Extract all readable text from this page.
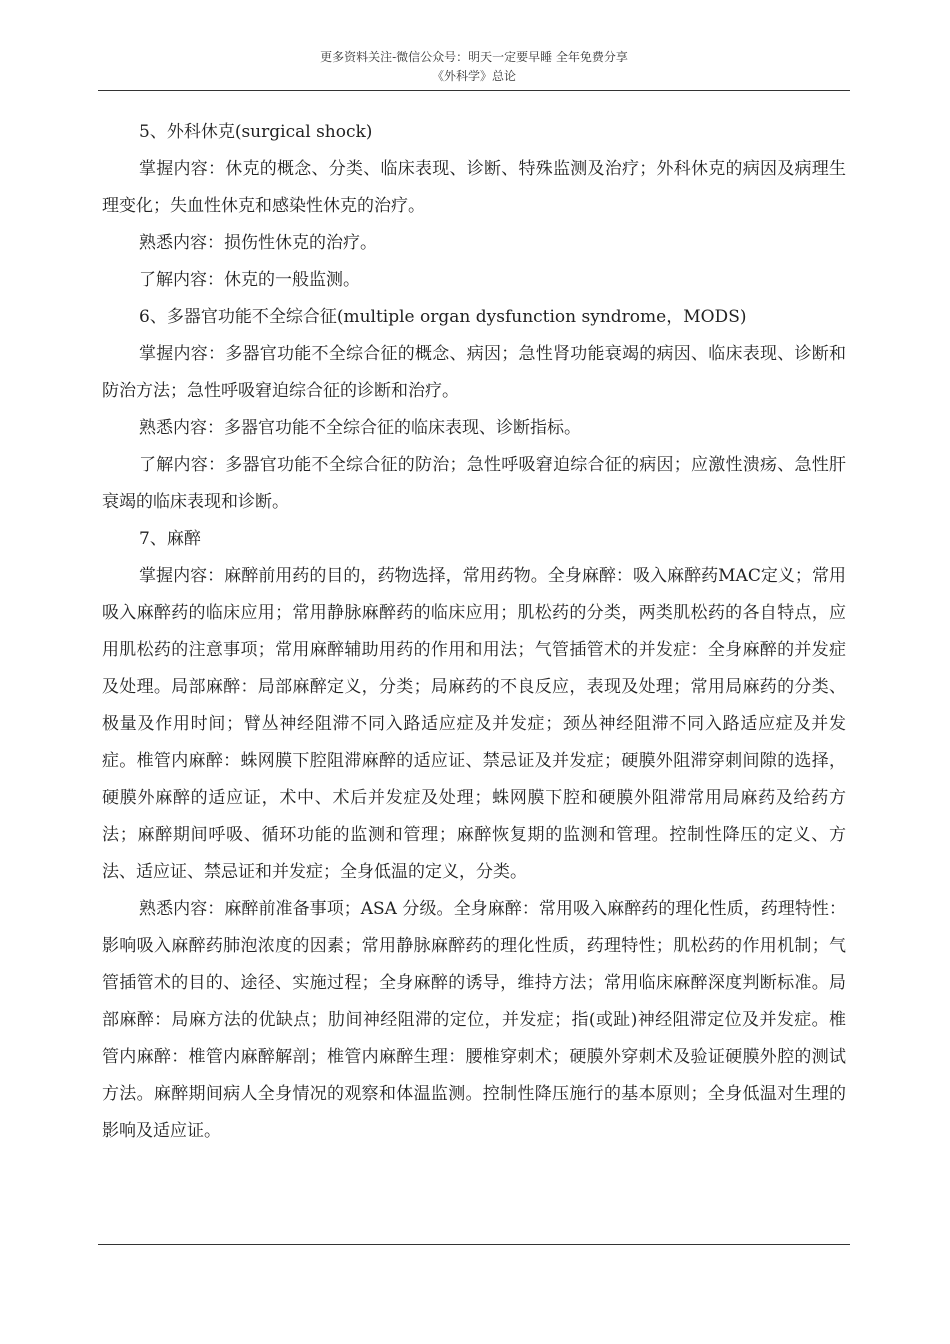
更多资料关注-微信公众号：明天一定要早睡 全年免费分享
《外科学》总论

5、外科休克(surgical shock)

掌握内容：休克的概念、分类、临床表现、诊断、特殊监测及治疗；外科休克的病因及病理生理变化；失血性休克和感染性休克的治疗。

熟悉内容：损伤性休克的治疗。

了解内容：休克的一般监测。

6、多器官功能不全综合征(multiple organ dysfunction syndrome，MODS)

掌握内容：多器官功能不全综合征的概念、病因；急性肾功能衰竭的病因、临床表现、诊断和防治方法；急性呼吸窘迫综合征的诊断和治疗。

熟悉内容：多器官功能不全综合征的临床表现、诊断指标。

了解内容：多器官功能不全综合征的防治；急性呼吸窘迫综合征的病因；应激性溃疡、急性肝衰竭的临床表现和诊断。

7、麻醉

掌握内容：麻醉前用药的目的，药物选择，常用药物。全身麻醉：吸入麻醉药MAC定义；常用吸入麻醉药的临床应用；常用静脉麻醉药的临床应用；肌松药的分类，两类肌松药的各自特点，应用肌松药的注意事项；常用麻醉辅助用药的作用和用法；气管插管术的并发症：全身麻醉的并发症及处理。局部麻醉：局部麻醉定义，分类；局麻药的不良反应，表现及处理；常用局麻药的分类、极量及作用时间；臂丛神经阻滞不同入路适应症及并发症；颈丛神经阻滞不同入路适应症及并发症。椎管内麻醉：蛛网膜下腔阻滞麻醉的适应证、禁忌证及并发症；硬膜外阻滞穿刺间隙的选择，硬膜外麻醉的适应证，术中、术后并发症及处理；蛛网膜下腔和硬膜外阻滞常用局麻药及给药方法；麻醉期间呼吸、循环功能的监测和管理；麻醉恢复期的监测和管理。控制性降压的定义、方法、适应证、禁忌证和并发症；全身低温的定义，分类。

熟悉内容：麻醉前准备事项；ASA 分级。全身麻醉：常用吸入麻醉药的理化性质，药理特性：影响吸入麻醉药肺泡浓度的因素；常用静脉麻醉药的理化性质，药理特性；肌松药的作用机制；气管插管术的目的、途径、实施过程；全身麻醉的诱导，维持方法；常用临床麻醉深度判断标准。局部麻醉：局麻方法的优缺点；肋间神经阻滞的定位，并发症；指(或趾)神经阻滞定位及并发症。椎管内麻醉：椎管内麻醉解剖；椎管内麻醉生理：腰椎穿刺术；硬膜外穿刺术及验证硬膜外腔的测试方法。麻醉期间病人全身情况的观察和体温监测。控制性降压施行的基本原则；全身低温对生理的影响及适应证。
